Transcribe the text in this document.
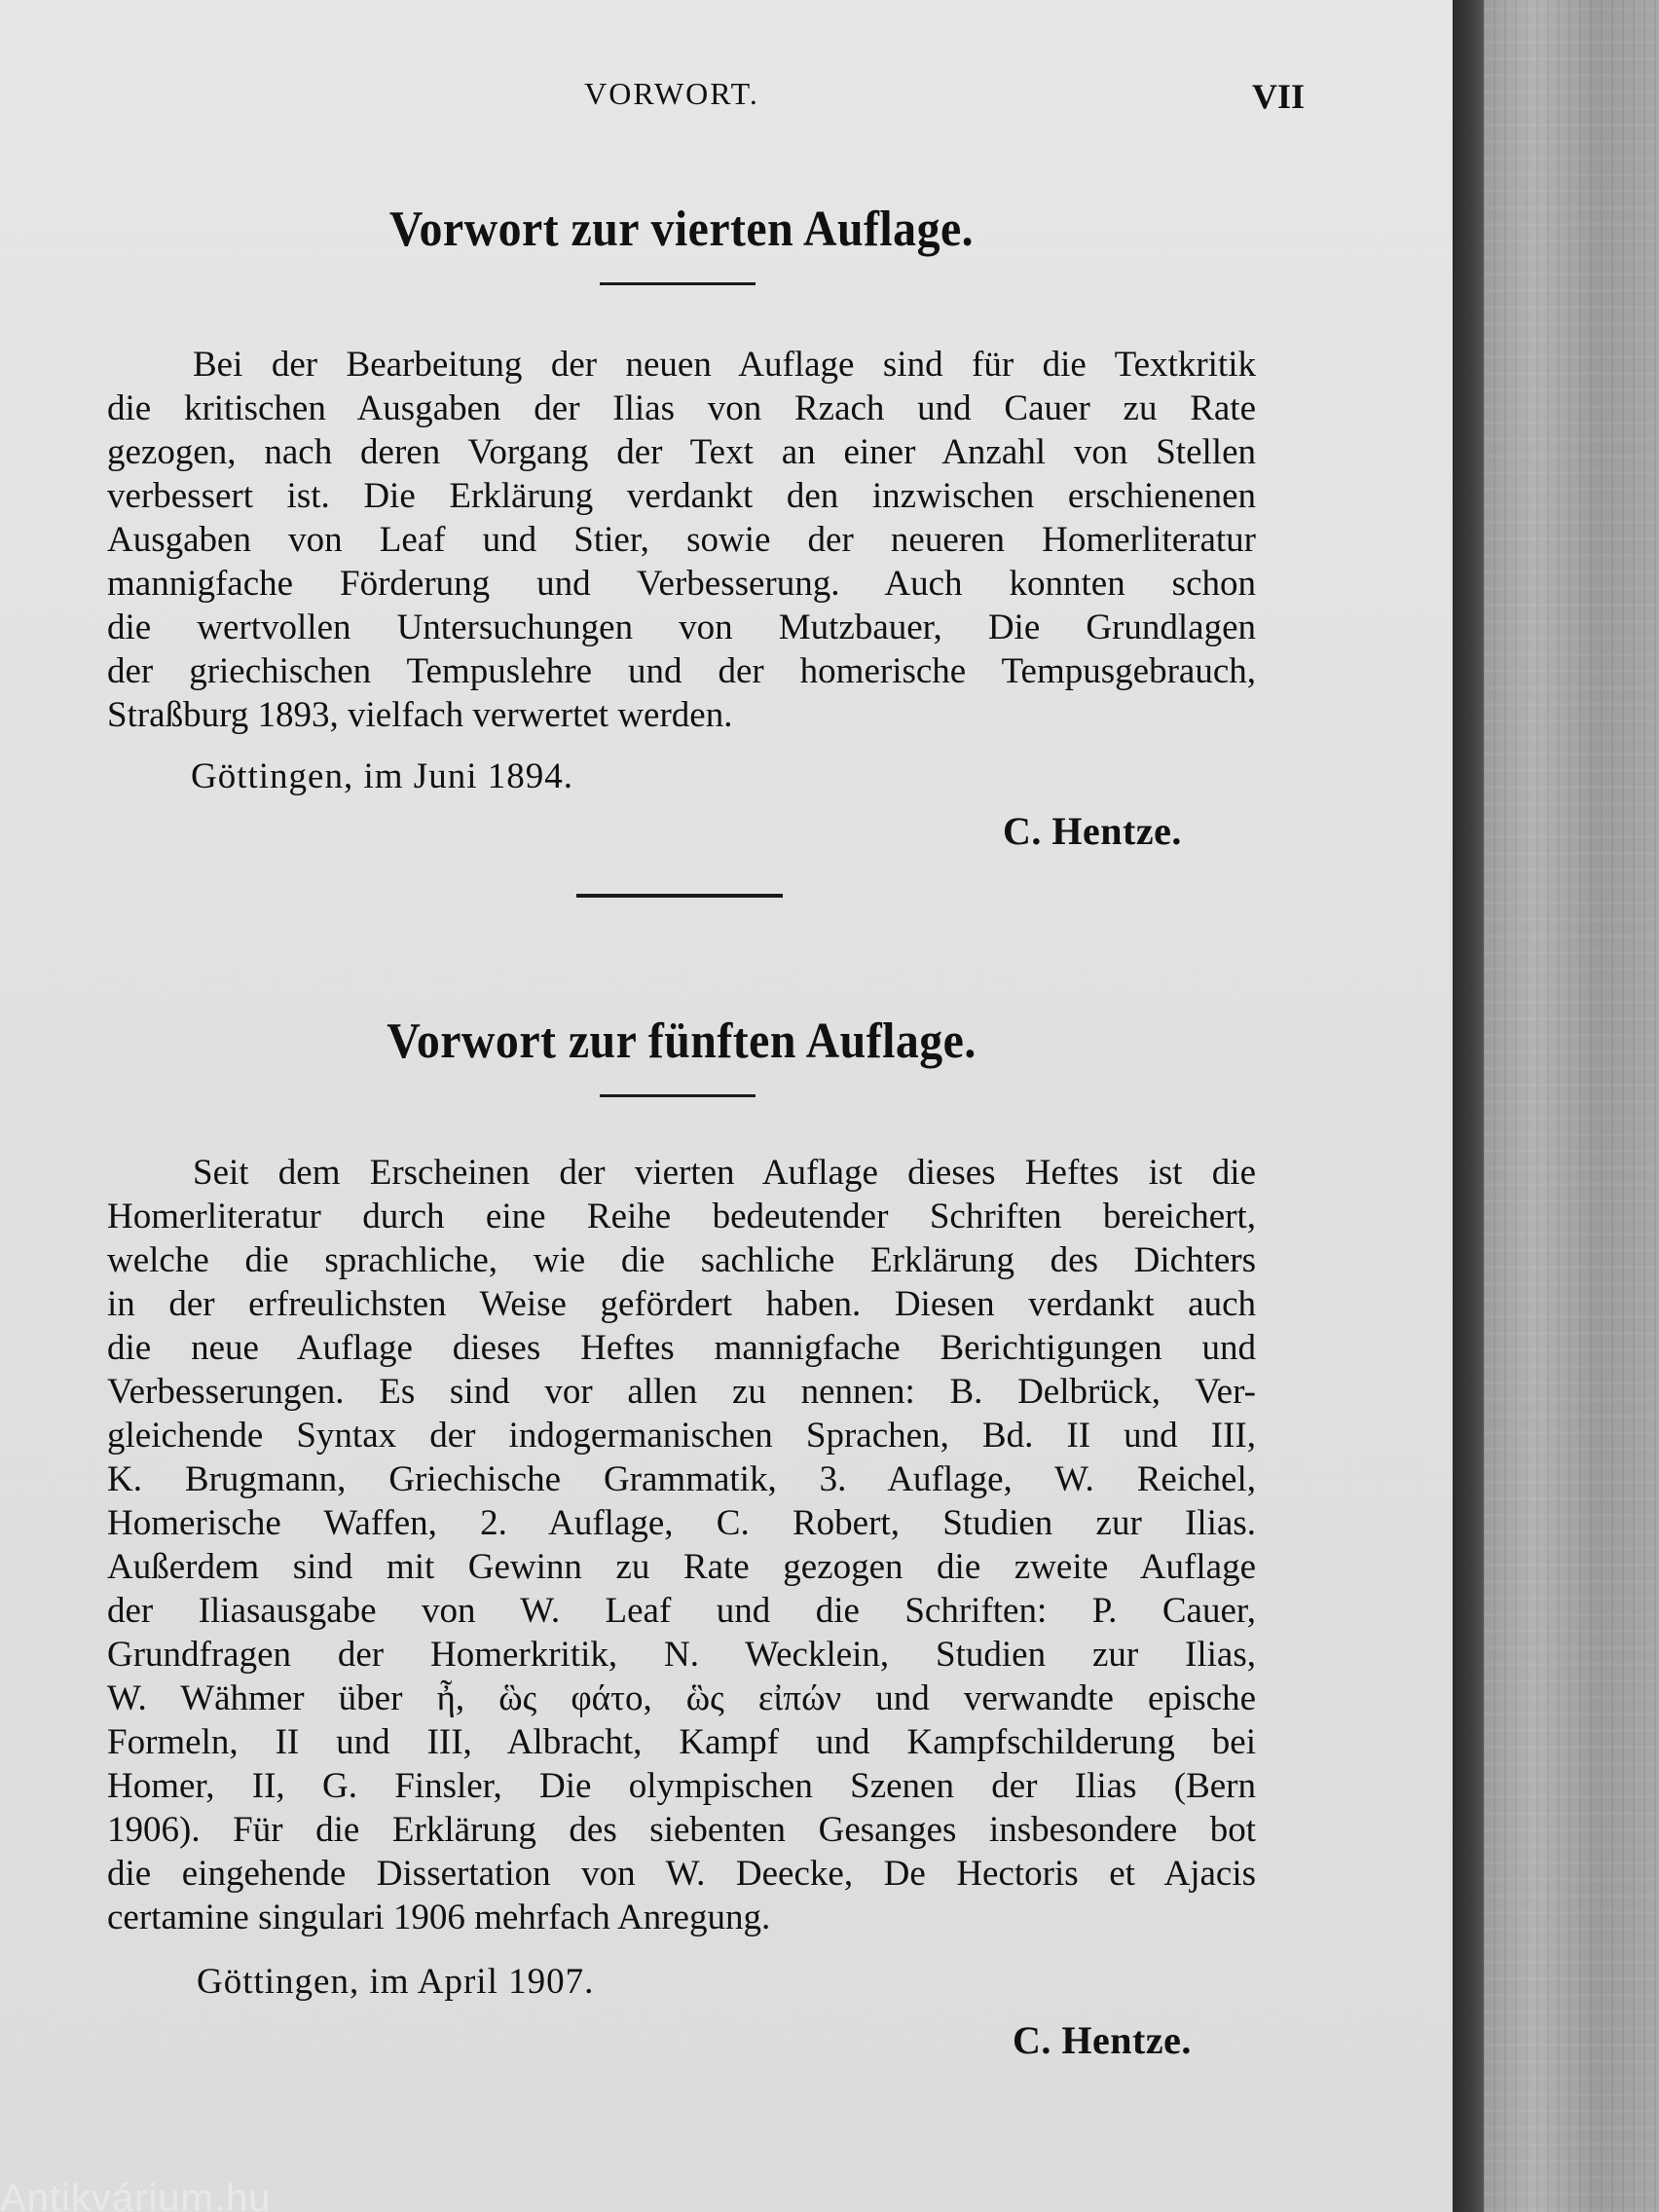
VORWORT.	VII
Vorwort zur vierten Auflage.
Bei der Bearbeitung der neuen Auflage sind für die Textkritik
die kritischen Ausgaben der Ilias von Rzach und Cauer zu Rate
gezogen, nach deren Vorgang der Text an einer Anzahl von Stellen
verbessert ist. Die Erklärung verdankt den inzwischen erschienenen
Ausgaben von Leaf und Stier, sowie der neueren Homerliteratur
mannigfache Förderung und Verbesserung. Auch konnten schon
die wertvollen Untersuchungen von Mutzbauer, Die Grundlagen
der griechischen Tempuslehre und der homerische Tempusgebrauch,
Straßburg 1893, vielfach verwertet werden.
Göttingen, im Juni 1894.
C. Hentze.
Vorwort zur fünften Auflage.
Seit dem Erscheinen der vierten Auflage dieses Heftes ist die
Homerliteratur durch eine Reihe bedeutender Schriften bereichert,
welche die sprachliche, wie die sachliche Erklärung des Dichters
in der erfreulichsten Weise gefördert haben. Diesen verdankt auch
die neue Auflage dieses Heftes mannigfache Berichtigungen und
Verbesserungen. Es sind vor allen zu nennen: B. Delbrück, Ver-
gleichende Syntax der indogermanischen Sprachen, Bd. II und III,
K. Brugmann, Griechische Grammatik, 3. Auflage, W. Reichel,
Homerische Waffen, 2. Auflage, C. Robert, Studien zur Ilias.
Außerdem sind mit Gewinn zu Rate gezogen die zweite Auflage
der Iliasausgabe von W. Leaf und die Schriften: P. Cauer,
Grundfragen der Homerkritik, N. Wecklein, Studien zur Ilias,
W. Wähmer über ἦ, ὣς φάτο, ὣς εἰπών und verwandte epische
Formeln, II und III, Albracht, Kampf und Kampfschilderung bei
Homer, II, G. Finsler, Die olympischen Szenen der Ilias (Bern
1906). Für die Erklärung des siebenten Gesanges insbesondere bot
die eingehende Dissertation von W. Deecke, De Hectoris et Ajacis
certamine singulari 1906 mehrfach Anregung.
Göttingen, im April 1907.
C. Hentze.
Antikvárium.hu
